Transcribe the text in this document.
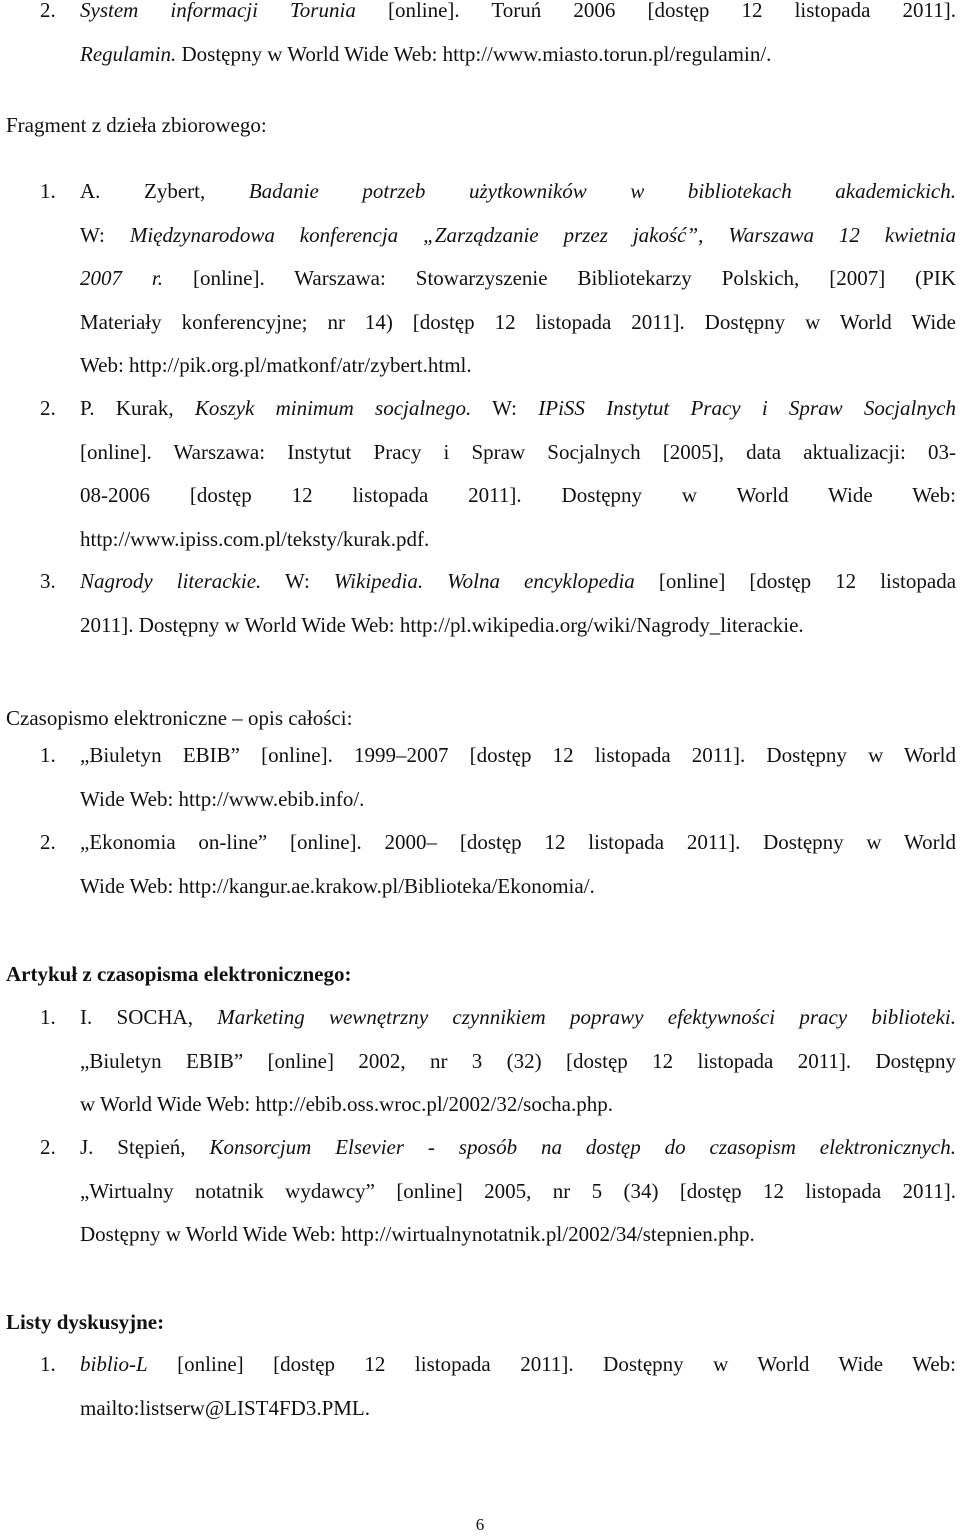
2. System informacji Torunia [online]. Toruń 2006 [dostęp 12 listopada 2011].
Regulamin. Dostępny w World Wide Web: http://www.miasto.torun.pl/regulamin/.
Fragment z dzieła zbiorowego:
1. A. Zybert, Badanie potrzeb użytkowników w bibliotekach akademickich.
W: Międzynarodowa konferencja „Zarządzanie przez jakość”, Warszawa 12 kwietnia
2007 r. [online]. Warszawa: Stowarzyszenie Bibliotekarzy Polskich, [2007] (PIK
Materiały konferencyjne; nr 14) [dostęp 12 listopada 2011]. Dostępny w World Wide
Web: http://pik.org.pl/matkonf/atr/zybert.html.
2. P. Kurak, Koszyk minimum socjalnego. W: IPiSS Instytut Pracy i Spraw Socjalnych
[online]. Warszawa: Instytut Pracy i Spraw Socjalnych [2005], data aktualizacji: 03-
08-2006 [dostęp 12 listopada 2011]. Dostępny w World Wide Web:
http://www.ipiss.com.pl/teksty/kurak.pdf.
3. Nagrody literackie. W: Wikipedia. Wolna encyklopedia [online] [dostęp 12 listopada
2011]. Dostępny w World Wide Web: http://pl.wikipedia.org/wiki/Nagrody_literackie.
Czasopismo elektroniczne – opis całości:
1. „Biuletyn EBIB” [online]. 1999–2007 [dostęp 12 listopada 2011]. Dostępny w World
Wide Web: http://www.ebib.info/.
2. „Ekonomia on-line” [online]. 2000– [dostęp 12 listopada 2011]. Dostępny w World
Wide Web: http://kangur.ae.krakow.pl/Biblioteka/Ekonomia/.
Artykuł z czasopisma elektronicznego:
1. I. SOCHA, Marketing wewnętrzny czynnikiem poprawy efektywności pracy biblioteki.
„Biuletyn EBIB” [online] 2002, nr 3 (32) [dostęp 12 listopada 2011]. Dostępny
w World Wide Web: http://ebib.oss.wroc.pl/2002/32/socha.php.
2. J. Stępień, Konsorcjum Elsevier - sposób na dostęp do czasopism elektronicznych.
„Wirtualny notatnik wydawcy” [online] 2005, nr 5 (34) [dostęp 12 listopada 2011].
Dostępny w World Wide Web: http://wirtualnynotatnik.pl/2002/34/stepnien.php.
Listy dyskusyjne:
1. biblio-L [online] [dostęp 12 listopada 2011]. Dostępny w World Wide Web:
mailto:listserw@LIST4FD3.PML.
6
